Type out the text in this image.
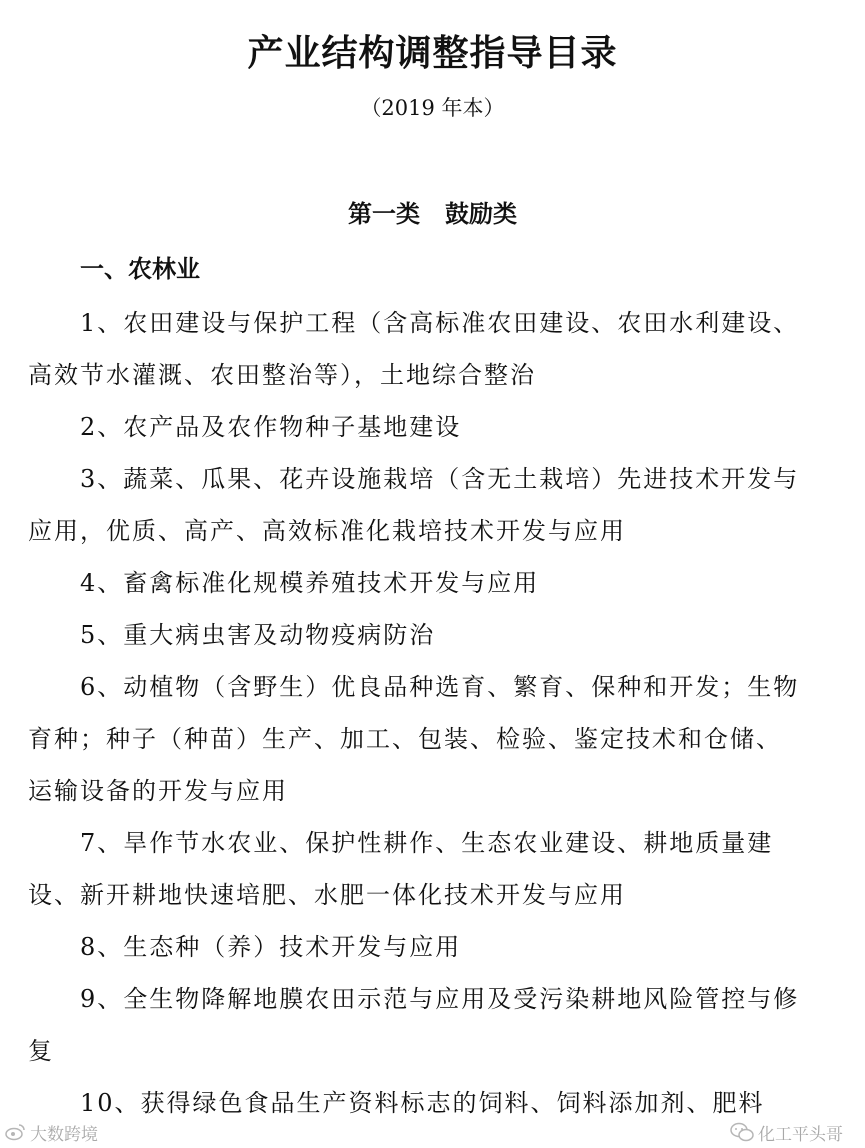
产业结构调整指导目录
（2019 年本）
第一类   鼓励类
一、农林业

1、农田建设与保护工程（含高标准农田建设、农田水利建设、高效节水灌溉、农田整治等），土地综合整治

2、农产品及农作物种子基地建设

3、蔬菜、瓜果、花卉设施栽培（含无土栽培）先进技术开发与应用，优质、高产、高效标准化栽培技术开发与应用

4、畜禽标准化规模养殖技术开发与应用

5、重大病虫害及动物疫病防治

6、动植物（含野生）优良品种选育、繁育、保种和开发；生物育种；种子（种苗）生产、加工、包装、检验、鉴定技术和仓储、运输设备的开发与应用

7、旱作节水农业、保护性耕作、生态农业建设、耕地质量建设、新开耕地快速培肥、水肥一体化技术开发与应用

8、生态种（养）技术开发与应用

9、全生物降解地膜农田示范与应用及受污染耕地风险管控与修复

10、获得绿色食品生产资料标志的饲料、饲料添加剂、肥料

大数跨境	化工平头哥
